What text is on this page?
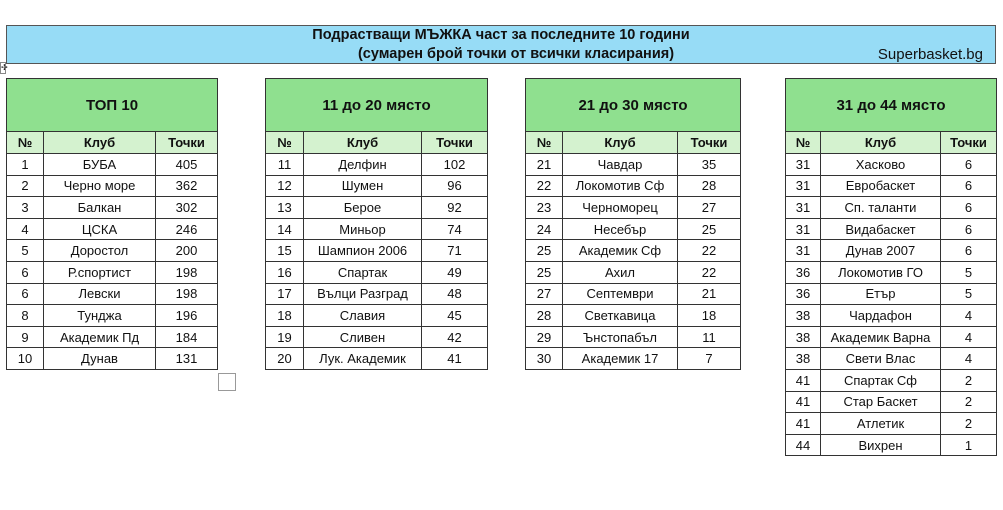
Подрастващи МЪЖКА част за последните 10 години
(сумарен брой точки от всички класирания)	Superbasket.bg
✢
ТОП 10		
№	Клуб	Точки
1	БУБА	405
2	Черно море	362
3	Балкан	302
4	ЦСКА	246
5	Доростол	200
6	Р.спортист	198
6	Левски	198
8	Тунджа	196
9	Академик Пд	184
10	Дунав	131
11 до 20 място		
№	Клуб	Точки
11	Делфин	102
12	Шумен	96
13	Берое	92
14	Миньор	74
15	Шампион 2006	71
16	Спартак	49
17	Вълци Разград	48
18	Славия	45
19	Сливен	42
20	Лук. Академик	41
21 до 30 място		
№	Клуб	Точки
21	Чавдар	35
22	Локомотив Сф	28
23	Черноморец	27
24	Несебър	25
25	Академик Сф	22
25	Ахил	22
27	Септември	21
28	Светкавица	18
29	Ънстопабъл	11
30	Академик 17	7
31 до 44 място		
№	Клуб	Точки
31	Хасково	6
31	Евробаскет	6
31	Сп. таланти	6
31	Видабаскет	6
31	Дунав 2007	6
36	Локомотив ГО	5
36	Етър	5
38	Чардафон	4
38	Академик Варна	4
38	Свети Влас	4
41	Спартак Сф	2
41	Стар Баскет	2
41	Атлетик	2
44	Вихрен	1
